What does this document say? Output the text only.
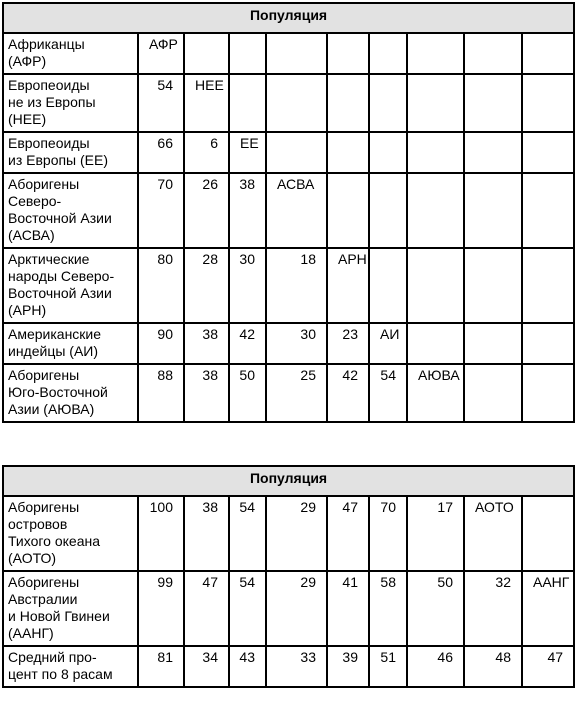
Популяция									
Африканцы
(АФР)	АФР								
Европеоиды
не из Европы
(НЕЕ)	54	НЕЕ							
Европеоиды
из Европы (ЕЕ)	66	6	ЕЕ						
Аборигены
Северо-
Восточной Азии
(АСВА)	70	26	38	АСВА					
Арктические
народы Северо-
Восточной Азии
(АРН)	80	28	30	18	АРН				
Американские
индейцы (АИ)	90	38	42	30	23	АИ			
Аборигены
Юго-Восточной
Азии (АЮВА)	88	38	50	25	42	54	АЮВА		
Популяция									
Аборигены
островов
Тихого океана
(АОТО)	100	38	54	29	47	70	17	АОТО	
Аборигены
Австралии
и Новой Гвинеи
(ААНГ)	99	47	54	29	41	58	50	32	ААНГ
Средний про-
цент по 8 расам	81	34	43	33	39	51	46	48	47
